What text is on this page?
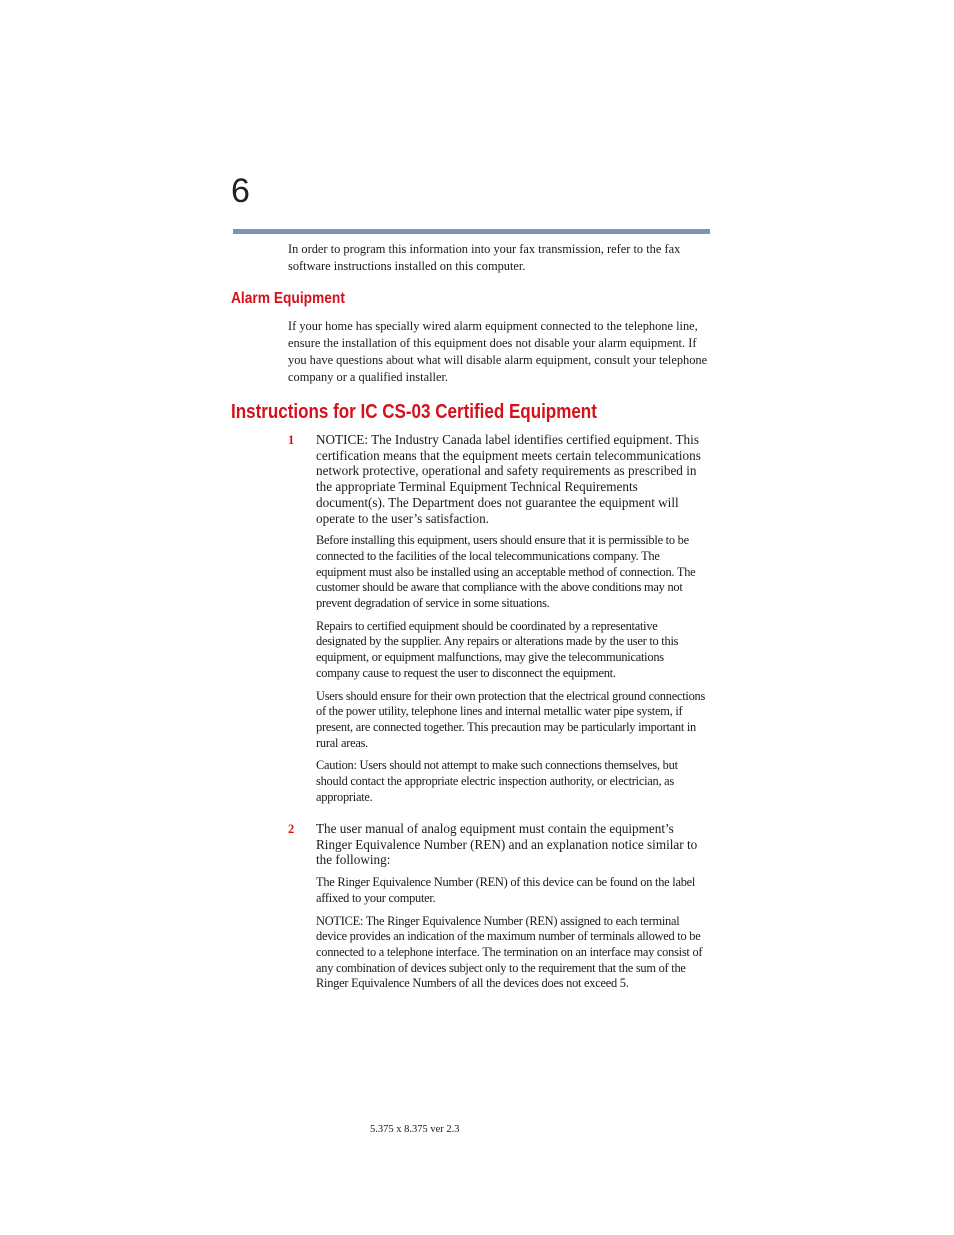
6

In order to program this information into your fax transmission, refer to the fax software instructions installed on this computer.

Alarm Equipment

If your home has specially wired alarm equipment connected to the telephone line, ensure the installation of this equipment does not disable your alarm equipment. If you have questions about what will disable alarm equipment, consult your telephone company or a qualified installer.

Instructions for IC CS-03 Certified Equipment
1 NOTICE: The Industry Canada label identifies certified equipment. This certification means that the equipment meets certain telecommunications network protective, operational and safety requirements as prescribed in the appropriate Terminal Equipment Technical Requirements document(s). The Department does not guarantee the equipment will operate to the user’s satisfaction.
Before installing this equipment, users should ensure that it is permissible to be connected to the facilities of the local telecommunications company. The equipment must also be installed using an acceptable method of connection. The customer should be aware that compliance with the above conditions may not prevent degradation of service in some situations.
Repairs to certified equipment should be coordinated by a representative designated by the supplier. Any repairs or alterations made by the user to this equipment, or equipment malfunctions, may give the telecommunications company cause to request the user to disconnect the equipment.
Users should ensure for their own protection that the electrical ground connections of the power utility, telephone lines and internal metallic water pipe system, if present, are connected together. This precaution may be particularly important in rural areas.
Caution: Users should not attempt to make such connections themselves, but should contact the appropriate electric inspection authority, or electrician, as appropriate.
2 The user manual of analog equipment must contain the equipment’s Ringer Equivalence Number (REN) and an explanation notice similar to the following:
The Ringer Equivalence Number (REN) of this device can be found on the label affixed to your computer.
NOTICE: The Ringer Equivalence Number (REN) assigned to each terminal device provides an indication of the maximum number of terminals allowed to be connected to a telephone interface. The termination on an interface may consist of any combination of devices subject only to the requirement that the sum of the Ringer Equivalence Numbers of all the devices does not exceed 5.
5.375 x 8.375 ver 2.3
